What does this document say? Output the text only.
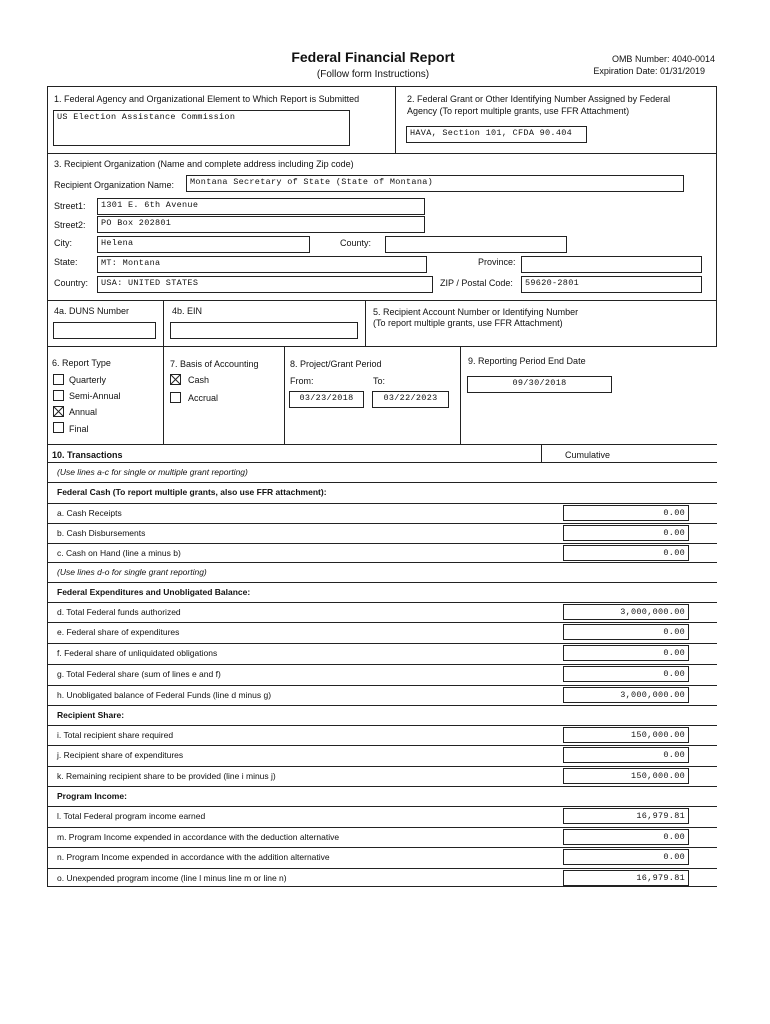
Federal Financial Report
(Follow form Instructions)
OMB Number: 4040-0014
Expiration Date: 01/31/2019
1. Federal Agency and Organizational Element to Which Report is Submitted
US Election Assistance Commission
2. Federal Grant or Other Identifying Number Assigned by Federal
Agency (To report multiple grants, use FFR Attachment)
HAVA, Section 101, CFDA 90.404
3. Recipient Organization (Name and complete address including Zip code)
Recipient Organization Name:	Montana Secretary of State (State of Montana)
Street1:	1301 E. 6th Avenue
Street2:	PO Box 202801
City:	Helena	County:
State:	MT: Montana	Province:
Country:	USA: UNITED STATES	ZIP / Postal Code:	59620-2801
4a. DUNS Number	4b. EIN	5. Recipient Account Number or Identifying Number
(To report multiple grants, use FFR Attachment)
6. Report Type
Quarterly
Semi-Annual
Annual
Final
7. Basis of Accounting
Cash
Accrual
8. Project/Grant Period
From:	To:
03/23/2018	03/22/2023
9. Reporting Period End Date
09/30/2018
10. Transactions	Cumulative
(Use lines a-c for single or multiple grant reporting)
Federal Cash (To report multiple grants, also use FFR attachment):
a. Cash Receipts	0.00
b. Cash Disbursements	0.00
c. Cash on Hand (line a minus b)	0.00
(Use lines d-o for single grant reporting)
Federal Expenditures and Unobligated Balance:
d. Total Federal funds authorized	3,000,000.00
e. Federal share of expenditures	0.00
f. Federal share of unliquidated obligations	0.00
g. Total Federal share (sum of lines e and f)	0.00
h. Unobligated balance of Federal Funds (line d minus g)	3,000,000.00
Recipient Share:
i. Total recipient share required	150,000.00
j. Recipient share of expenditures	0.00
k. Remaining recipient share to be provided (line i minus j)	150,000.00
Program Income:
l. Total Federal program income earned	16,979.81
m. Program Income expended in accordance with the deduction alternative	0.00
n. Program Income expended in accordance with the addition alternative	0.00
o. Unexpended program income (line l minus line m or line n)	16,979.81
